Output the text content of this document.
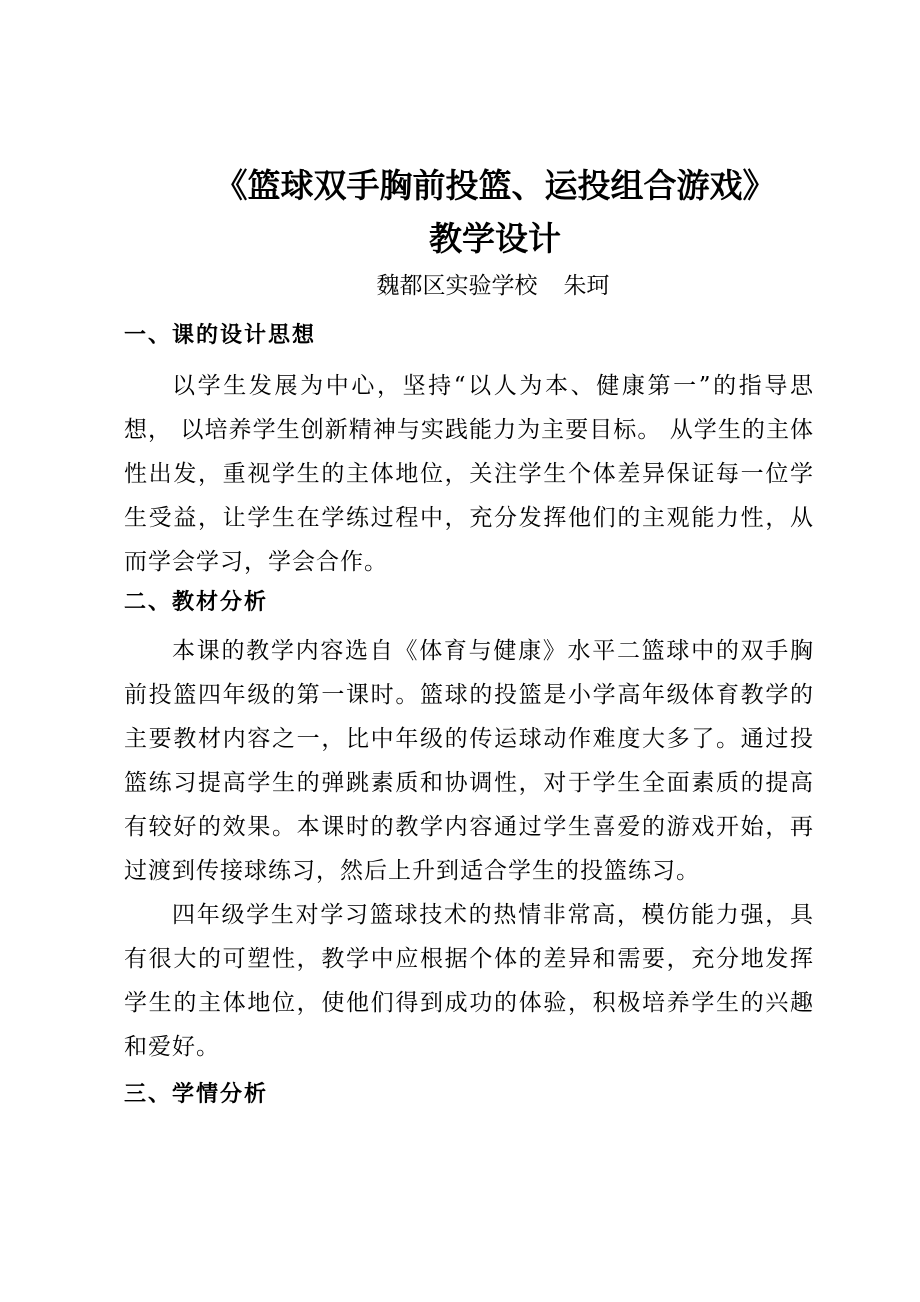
《篮球双手胸前投篮、运投组合游戏》
教学设计
魏都区实验学校 朱珂
一、课的设计思想
以学生发展为中心，坚持“以人为本、健康第一”的指导思想， 以培养学生创新精神与实践能力为主要目标。 从学生的主体性出发，重视学生的主体地位，关注学生个体差异保证每一位学生受益，让学生在学练过程中，充分发挥他们的主观能力性，从而学会学习，学会合作。
二、教材分析
本课的教学内容选自《体育与健康》水平二篮球中的双手胸前投篮四年级的第一课时。篮球的投篮是小学高年级体育教学的主要教材内容之一，比中年级的传运球动作难度大多了。通过投篮练习提高学生的弹跳素质和协调性，对于学生全面素质的提高有较好的效果。本课时的教学内容通过学生喜爱的游戏开始，再过渡到传接球练习，然后上升到适合学生的投篮练习。
四年级学生对学习篮球技术的热情非常高，模仿能力强，具有很大的可塑性，教学中应根据个体的差异和需要，充分地发挥学生的主体地位，使他们得到成功的体验，积极培养学生的兴趣和爱好。
三、学情分析
